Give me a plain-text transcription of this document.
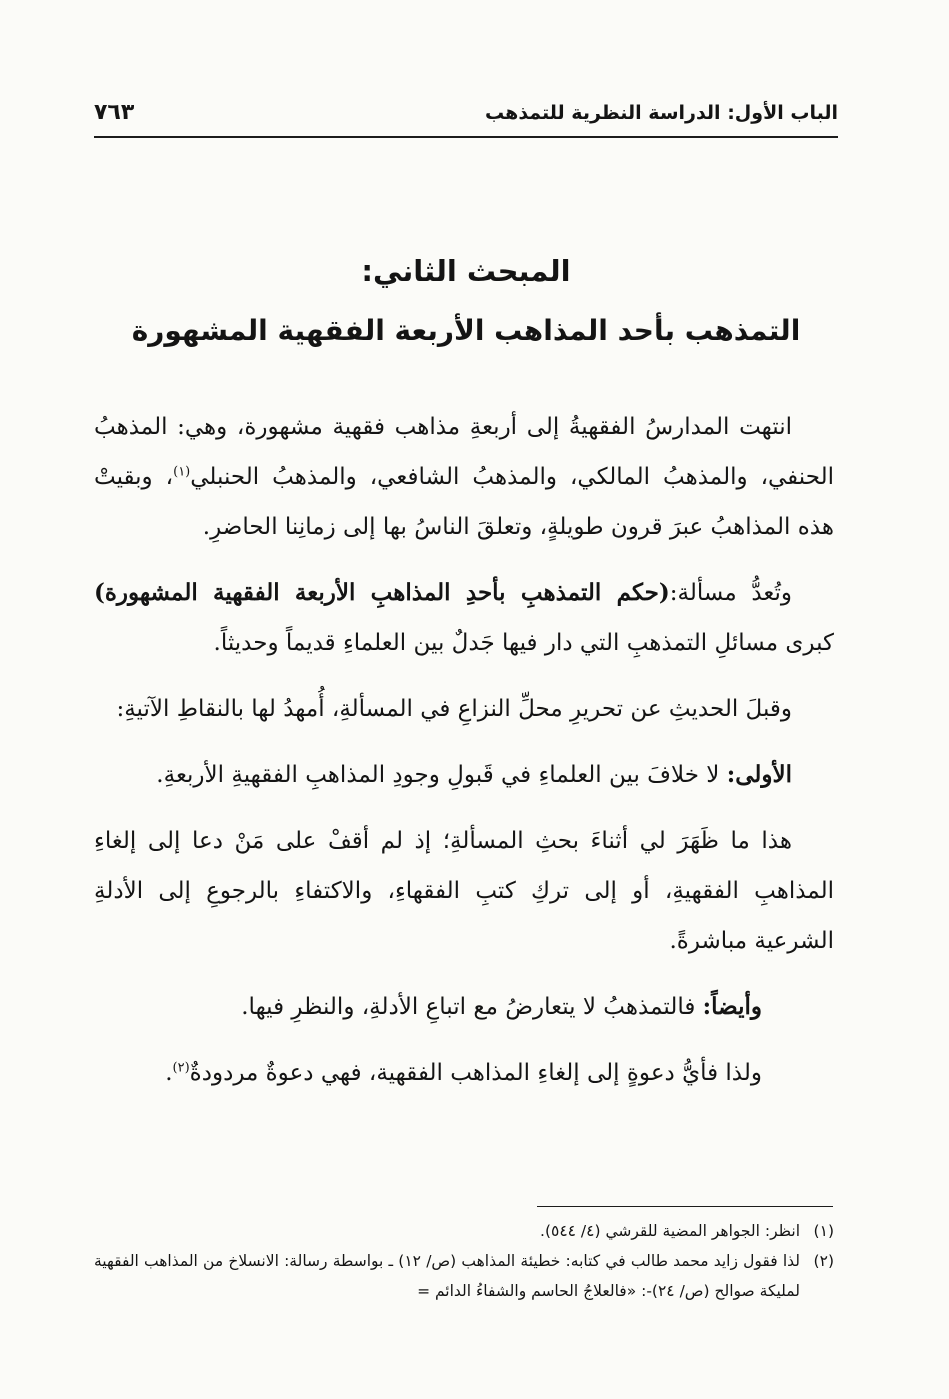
الباب الأول: الدراسة النظرية للتمذهب
٧٦٣
المبحث الثاني:
التمذهب بأحد المذاهب الأربعة الفقهية المشهورة

انتهت المدارسُ الفقهيةُ إلى أربعةِ مذاهب فقهية مشهورة، وهي: المذهبُ الحنفي، والمذهبُ المالكي، والمذهبُ الشافعي، والمذهبُ الحنبلي$^{(١)}$، وبقيتْ هذه المذاهبُ عبرَ قرون طويلةٍ، وتعلقَ الناسُ بها إلى زمانِنا الحاضرِ.

وتُعدُّ مسألة:(حكم التمذهبِ بأحدِ المذاهبِ الأربعة الفقهية المشهورة) كبرى مسائلِ التمذهبِ التي دار فيها جَدلٌ بين العلماءِ قديماً وحديثاً.

وقبلَ الحديثِ عن تحريرِ محلِّ النزاعِ في المسألةِ، أُمهدُ لها بالنقاطِ الآتيةِ:

الأولى: لا خلافَ بين العلماءِ في قَبولِ وجودِ المذاهبِ الفقهيةِ الأربعةِ.

هذا ما ظَهَرَ لي أثناءَ بحثِ المسألةِ؛ إذ لم أقفْ على مَنْ دعا إلى إلغاءِ المذاهبِ الفقهيةِ، أو إلى تركِ كتبِ الفقهاءِ، والاكتفاءِ بالرجوعِ إلى الأدلةِ الشرعية مباشرةً.

وأيضاً: فالتمذهبُ لا يتعارضُ مع اتباعِ الأدلةِ، والنظرِ فيها.

ولذا فأيُّ دعوةٍ إلى إلغاءِ المذاهب الفقهية، فهي دعوةٌ مردودةٌ$^{(٢)}$.

(١)
انظر: الجواهر المضية للقرشي (٤/ ٥٤٤).

(٢)
لذا فقول زايد محمد طالب في كتابه: خطيئة المذاهب (ص/ ١٢) ـ بواسطة رسالة: الانسلاخ من المذاهب الفقهية لمليكة صوالح (ص/ ٢٤)-: «فالعلاجُ الحاسم والشفاءُ الدائم =
